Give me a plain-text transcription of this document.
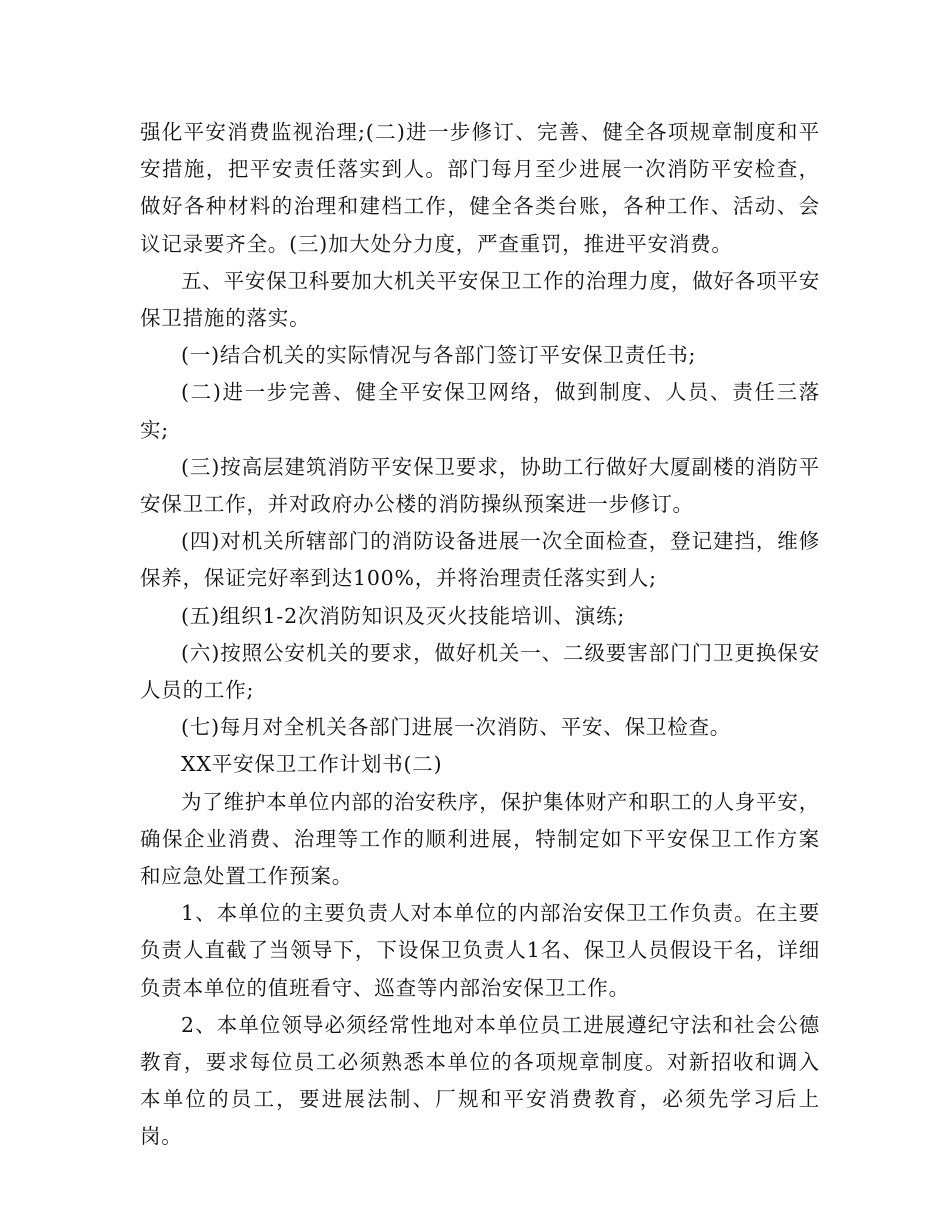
强化平安消费监视治理;(二)进一步修订、完善、健全各项规章制度和平安措施，把平安责任落实到人。部门每月至少进展一次消防平安检查，做好各种材料的治理和建档工作，健全各类台账，各种工作、活动、会议记录要齐全。(三)加大处分力度，严查重罚，推进平安消费。

五、平安保卫科要加大机关平安保卫工作的治理力度，做好各项平安保卫措施的落实。

(一)结合机关的实际情况与各部门签订平安保卫责任书;

(二)进一步完善、健全平安保卫网络，做到制度、人员、责任三落实;

(三)按高层建筑消防平安保卫要求，协助工行做好大厦副楼的消防平安保卫工作，并对政府办公楼的消防操纵预案进一步修订。

(四)对机关所辖部门的消防设备进展一次全面检查，登记建挡，维修保养，保证完好率到达100%，并将治理责任落实到人;

(五)组织1-2次消防知识及灭火技能培训、演练;

(六)按照公安机关的要求，做好机关一、二级要害部门门卫更换保安人员的工作;

(七)每月对全机关各部门进展一次消防、平安、保卫检查。

XX平安保卫工作计划书(二)

为了维护本单位内部的治安秩序，保护集体财产和职工的人身平安，确保企业消费、治理等工作的顺利进展，特制定如下平安保卫工作方案和应急处置工作预案。

1、本单位的主要负责人对本单位的内部治安保卫工作负责。在主要负责人直截了当领导下，下设保卫负责人1名、保卫人员假设干名，详细负责本单位的值班看守、巡查等内部治安保卫工作。

2、本单位领导必须经常性地对本单位员工进展遵纪守法和社会公德教育，要求每位员工必须熟悉本单位的各项规章制度。对新招收和调入本单位的员工，要进展法制、厂规和平安消费教育，必须先学习后上岗。
